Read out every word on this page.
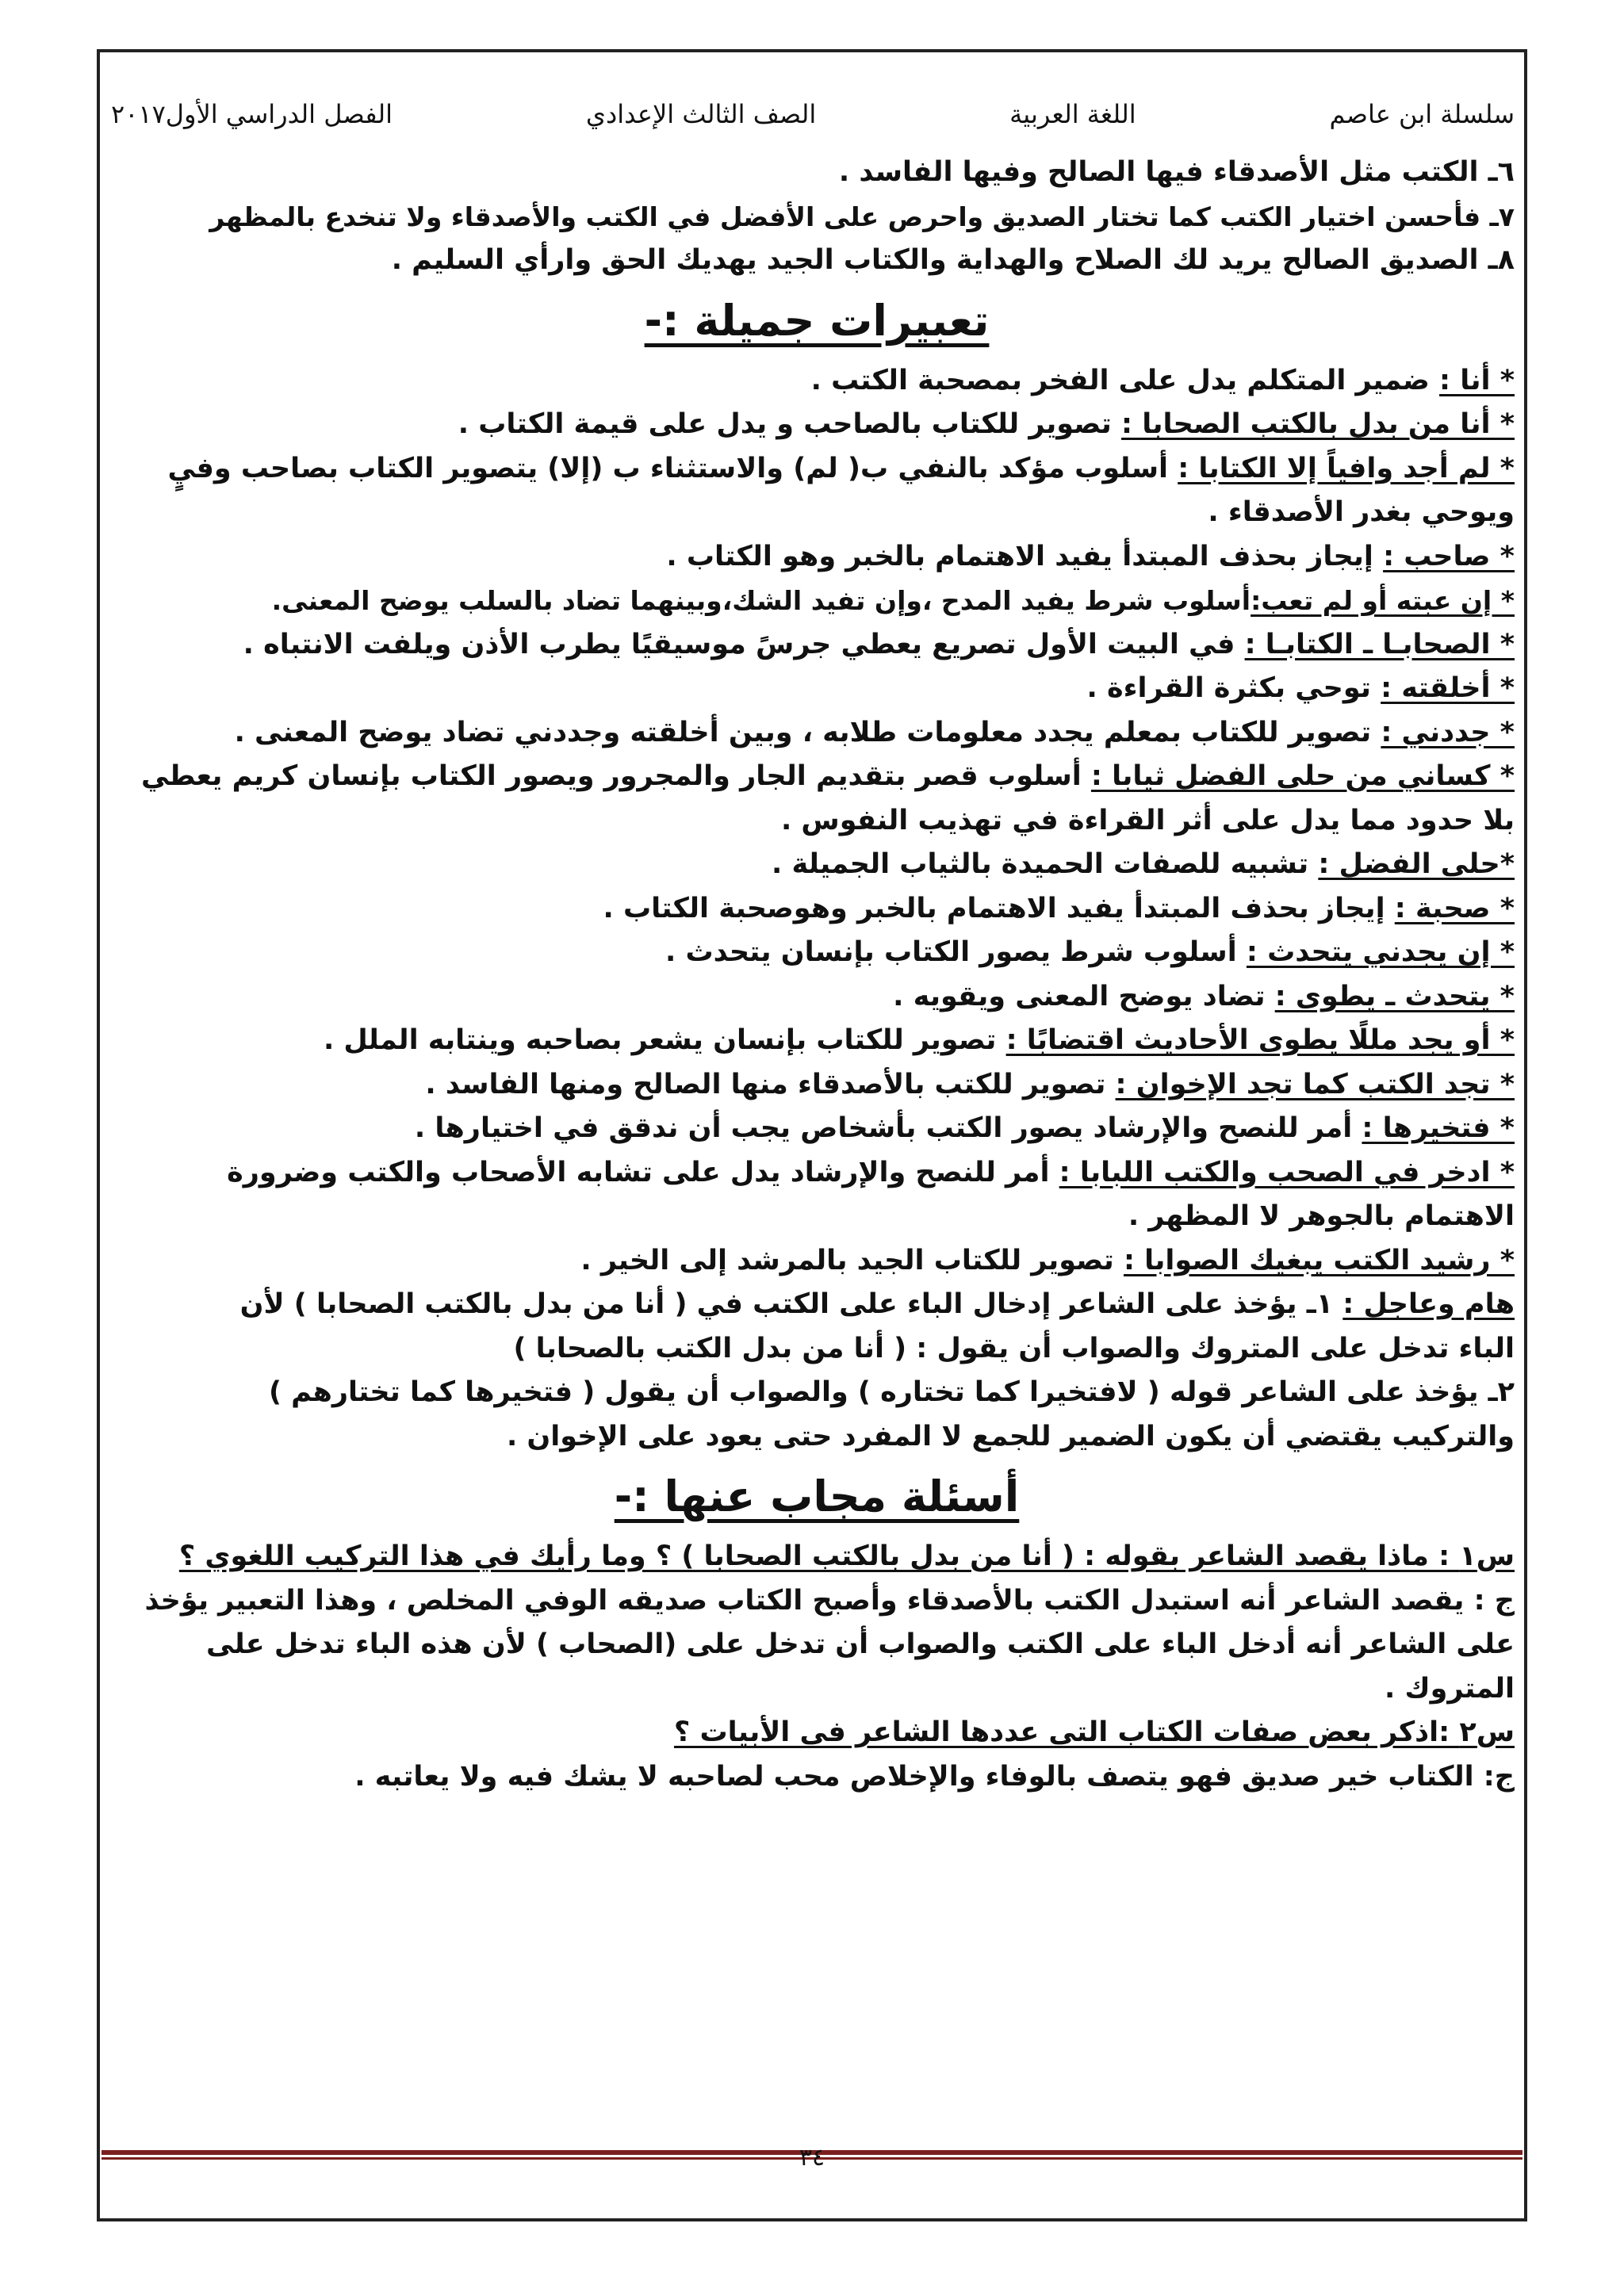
الفصل الدراسي الأول٢٠١٧	الصف الثالث الإعدادي	اللغة العربية	سلسلة ابن عاصم
٦ـ الكتب مثل الأصدقاء فيها الصالح وفيها الفاسد .
٧ـ فأحسن اختيار الكتب كما تختار الصديق واحرص على الأفضل في الكتب والأصدقاء ولا تنخدع بالمظهر
٨ـ الصديق الصالح يريد لك الصلاح والهداية والكتاب الجيد يهديك الحق وارأي السليم .
تعبيرات جميلة :-
* أنا : ضمير المتكلم يدل على الفخر بمصحبة الكتب .
* أنا من بدل بالكتب الصحابا : تصوير للكتاب بالصاحب و يدل على قيمة الكتاب .
* لم أجد وافياً إلا الكتابا : أسلوب مؤكد بالنفي ب( لم) والاستثناء ب (إلا) يتصوير الكتاب بصاحب وفيٍ ويوحي بغدر الأصدقاء .
* صاحب : إيجاز بحذف المبتدأ يفيد الاهتمام بالخبر وهو الكتاب .
* إن عبته أو لم تعب:أسلوب شرط يفيد المدح ،وإن تفيد الشك،وبينهما تضاد بالسلب يوضح المعنى.
* الصحابـا ـ الكتابـا : في البيت الأول تصريع يعطي جرسً موسيقيًا يطرب الأذن ويلفت الانتباه .
* أخلقته : توحي بكثرة القراءة .
* جددني : تصوير للكتاب بمعلم يجدد معلومات طلابه ، وبين أخلقته وجددني تضاد يوضح المعنى .
* كساني من حلى الفضل ثيابا : أسلوب قصر بتقديم الجار والمجرور ويصور الكتاب بإنسان كريم يعطي بلا حدود مما يدل على أثر القراءة في تهذيب النفوس .
*حلى الفضل : تشبيه للصفات الحميدة بالثياب الجميلة .
* صحبة : إيجاز بحذف المبتدأ يفيد الاهتمام بالخبر وهوصحبة الكتاب .
* إن يجدني يتحدث : أسلوب شرط يصور الكتاب بإنسان يتحدث .
* يتحدث ـ يطوى : تضاد يوضح المعنى ويقويه .
* أو يجد مللًا يطوى الأحاديث اقتضابًا : تصوير للكتاب بإنسان يشعر بصاحبه وينتابه الملل .
* تجد الكتب كما تجد الإخوان : تصوير للكتب بالأصدقاء منها الصالح ومنها الفاسد .
* فتخيرها : أمر للنصح والإرشاد يصور الكتب بأشخاص يجب أن ندقق في اختيارها .
* ادخر في الصحب والكتب اللبابا : أمر للنصح والإرشاد يدل على تشابه الأصحاب والكتب وضرورة الاهتمام بالجوهر لا المظهر .
* رشيد الكتب يبغيك الصوابا : تصوير للكتاب الجيد بالمرشد إلى الخير .
هام وعاجل : ١ـ يؤخذ على الشاعر إدخال الباء على الكتب في ( أنا من بدل بالكتب الصحابا ) لأن
الباء تدخل على المتروك والصواب أن يقول : ( أنا من بدل الكتب بالصحابا )
٢ـ يؤخذ على الشاعر قوله ( لافتخيرا كما تختاره ) والصواب أن يقول ( فتخيرها كما تختارهم )
والتركيب يقتضي أن يكون الضمير للجمع لا المفرد حتى يعود على الإخوان .
أسئلة مجاب عنها :-
س١ : ماذا يقصد الشاعر بقوله : ( أنا من بدل بالكتب الصحابا ) ؟ وما رأيك في هذا التركيب اللغوي ؟
ج : يقصد الشاعر أنه استبدل الكتب بالأصدقاء وأصبح الكتاب صديقه الوفي المخلص ، وهذا التعبير يؤخذ على الشاعر أنه أدخل الباء على الكتب والصواب أن تدخل على (الصحاب ) لأن هذه الباء تدخل على المتروك .
س٢ :اذكر بعض صفات الكتاب التى عددها الشاعر فى الأبيات ؟
ج: الكتاب خير صديق فهو يتصف بالوفاء والإخلاص محب لصاحبه لا يشك فيه ولا يعاتبه .
٣٤
